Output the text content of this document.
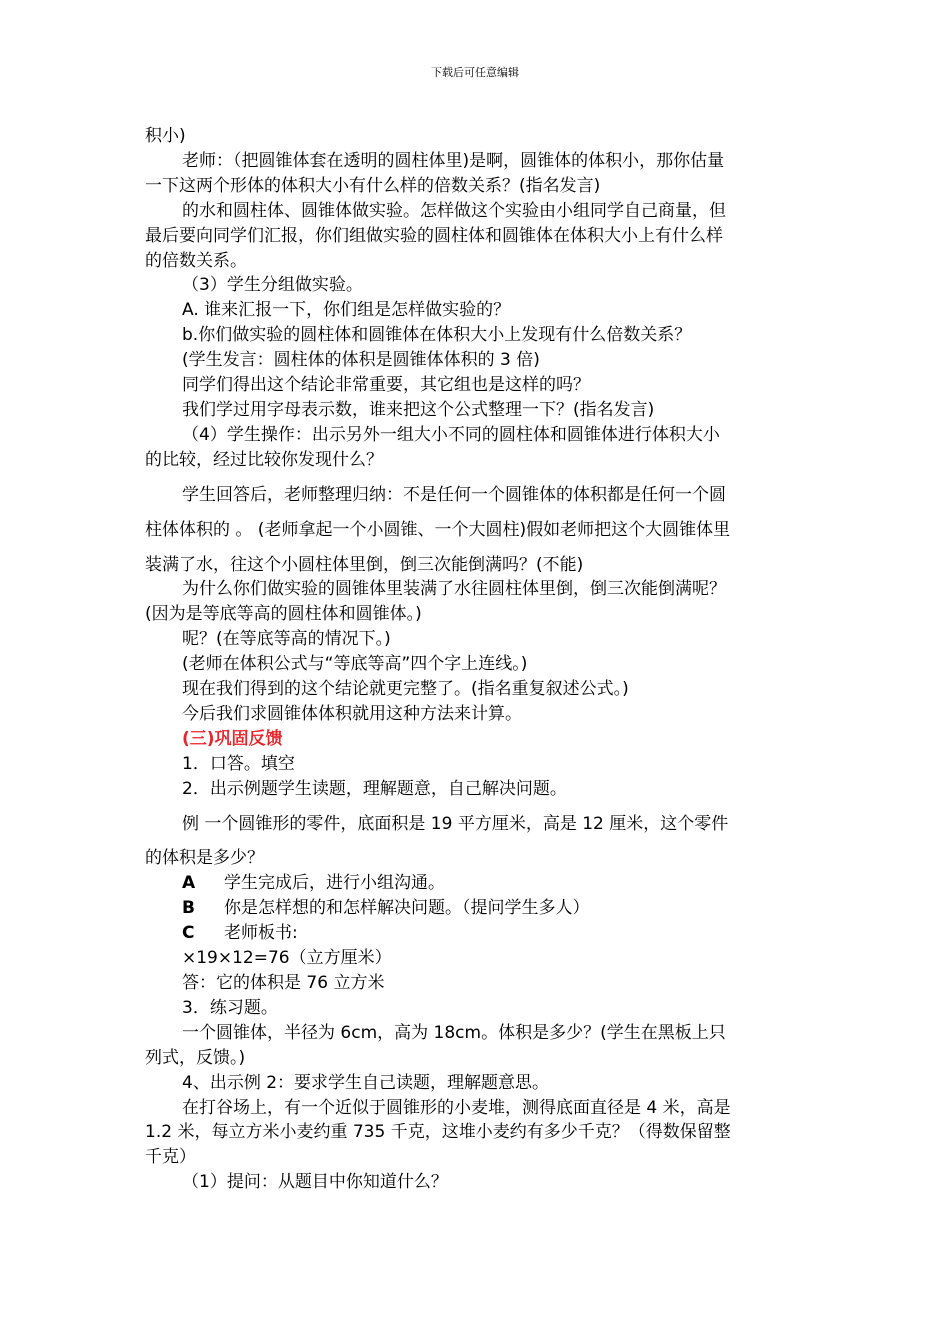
下载后可任意编辑
积小)
老师：（把圆锥体套在透明的圆柱体里)是啊，圆锥体的体积小，那你估量
一下这两个形体的体积大小有什么样的倍数关系？(指名发言)
的水和圆柱体、圆锥体做实验。怎样做这个实验由小组同学自己商量，但
最后要向同学们汇报，你们组做实验的圆柱体和圆锥体在体积大小上有什么样
的倍数关系。
（3）学生分组做实验。
A. 谁来汇报一下，你们组是怎样做实验的？
b.你们做实验的圆柱体和圆锥体在体积大小上发现有什么倍数关系？
(学生发言：圆柱体的体积是圆锥体体积的 3 倍)
同学们得出这个结论非常重要，其它组也是这样的吗？
我们学过用字母表示数，谁来把这个公式整理一下？(指名发言)
（4）学生操作：出示另外一组大小不同的圆柱体和圆锥体进行体积大小
的比较，经过比较你发现什么？
学生回答后，老师整理归纳：不是任何一个圆锥体的体积都是任何一个圆
柱体体积的 。 (老师拿起一个小圆锥、一个大圆柱)假如老师把这个大圆锥体里
装满了水，往这个小圆柱体里倒，倒三次能倒满吗？(不能)
为什么你们做实验的圆锥体里装满了水往圆柱体里倒，倒三次能倒满呢？
(因为是等底等高的圆柱体和圆锥体。)
呢？(在等底等高的情况下。)
(老师在体积公式与“等底等高”四个字上连线。)
现在我们得到的这个结论就更完整了。(指名重复叙述公式。)
今后我们求圆锥体体积就用这种方法来计算。
(三)巩固反馈
1．口答。填空
2．出示例题学生读题，理解题意，自己解决问题。
例 一个圆锥形的零件，底面积是 19 平方厘米，高是 12 厘米，这个零件
的体积是多少？
A 学生完成后，进行小组沟通。
B 你是怎样想的和怎样解决问题。（提问学生多人）
C 老师板书:
×19×12=76（立方厘米）
答：它的体积是 76 立方米
3．练习题。
一个圆锥体，半径为 6cm，高为 18cm。体积是多少？(学生在黑板上只
列式，反馈。)
4、出示例 2：要求学生自己读题，理解题意思。
在打谷场上，有一个近似于圆锥形的小麦堆，测得底面直径是 4 米，高是
1.2 米，每立方米小麦约重 735 千克，这堆小麦约有多少千克？（得数保留整
千克）
（1）提问：从题目中你知道什么？
